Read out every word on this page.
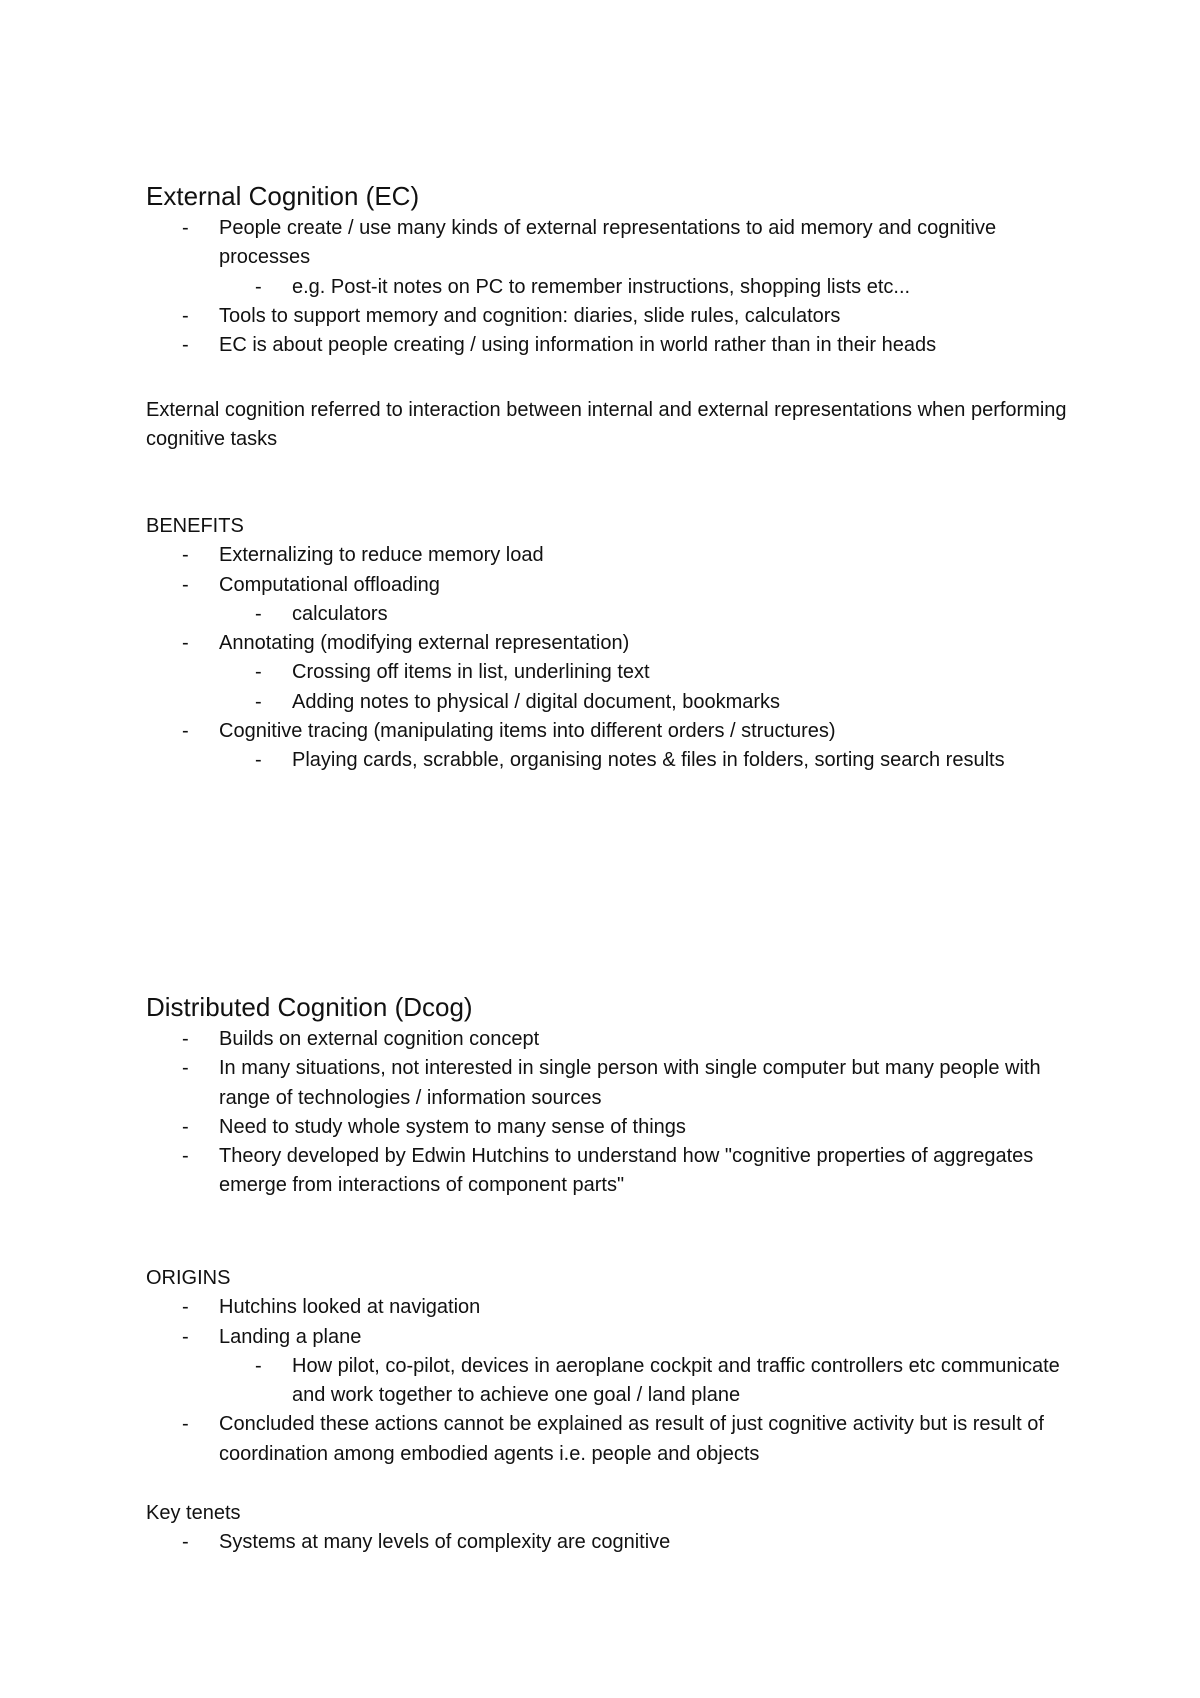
External Cognition (EC)
-	People create / use many kinds of external representations to aid memory and cognitive processes
-	e.g. Post-it notes on PC to remember instructions, shopping lists etc...
-	Tools to support memory and cognition: diaries, slide rules, calculators
-	EC is about people creating / using information in world rather than in their heads

External cognition referred to interaction between internal and external representations when performing cognitive tasks

BENEFITS

-	Externalizing to reduce memory load
-	Computational offloading
-	calculators
-	Annotating (modifying external representation)
-	Crossing off items in list, underlining text
-	Adding notes to physical / digital document, bookmarks
-	Cognitive tracing (manipulating items into different orders / structures)
-	Playing cards, scrabble, organising notes & files in folders, sorting search results
Distributed Cognition (Dcog)
-	Builds on external cognition concept
-	In many situations, not interested in single person with single computer but many people with range of technologies / information sources
-	Need to study whole system to many sense of things
-	Theory developed by Edwin Hutchins to understand how "cognitive properties of aggregates emerge from interactions of component parts"

ORIGINS

-	Hutchins looked at navigation
-	Landing a plane
-	How pilot, co-pilot, devices in aeroplane cockpit and traffic controllers etc communicate and work together to achieve one goal / land plane
-	Concluded these actions cannot be explained as result of just cognitive activity but is result of coordination among embodied agents i.e. people and objects

Key tenets

-	Systems at many levels of complexity are cognitive
